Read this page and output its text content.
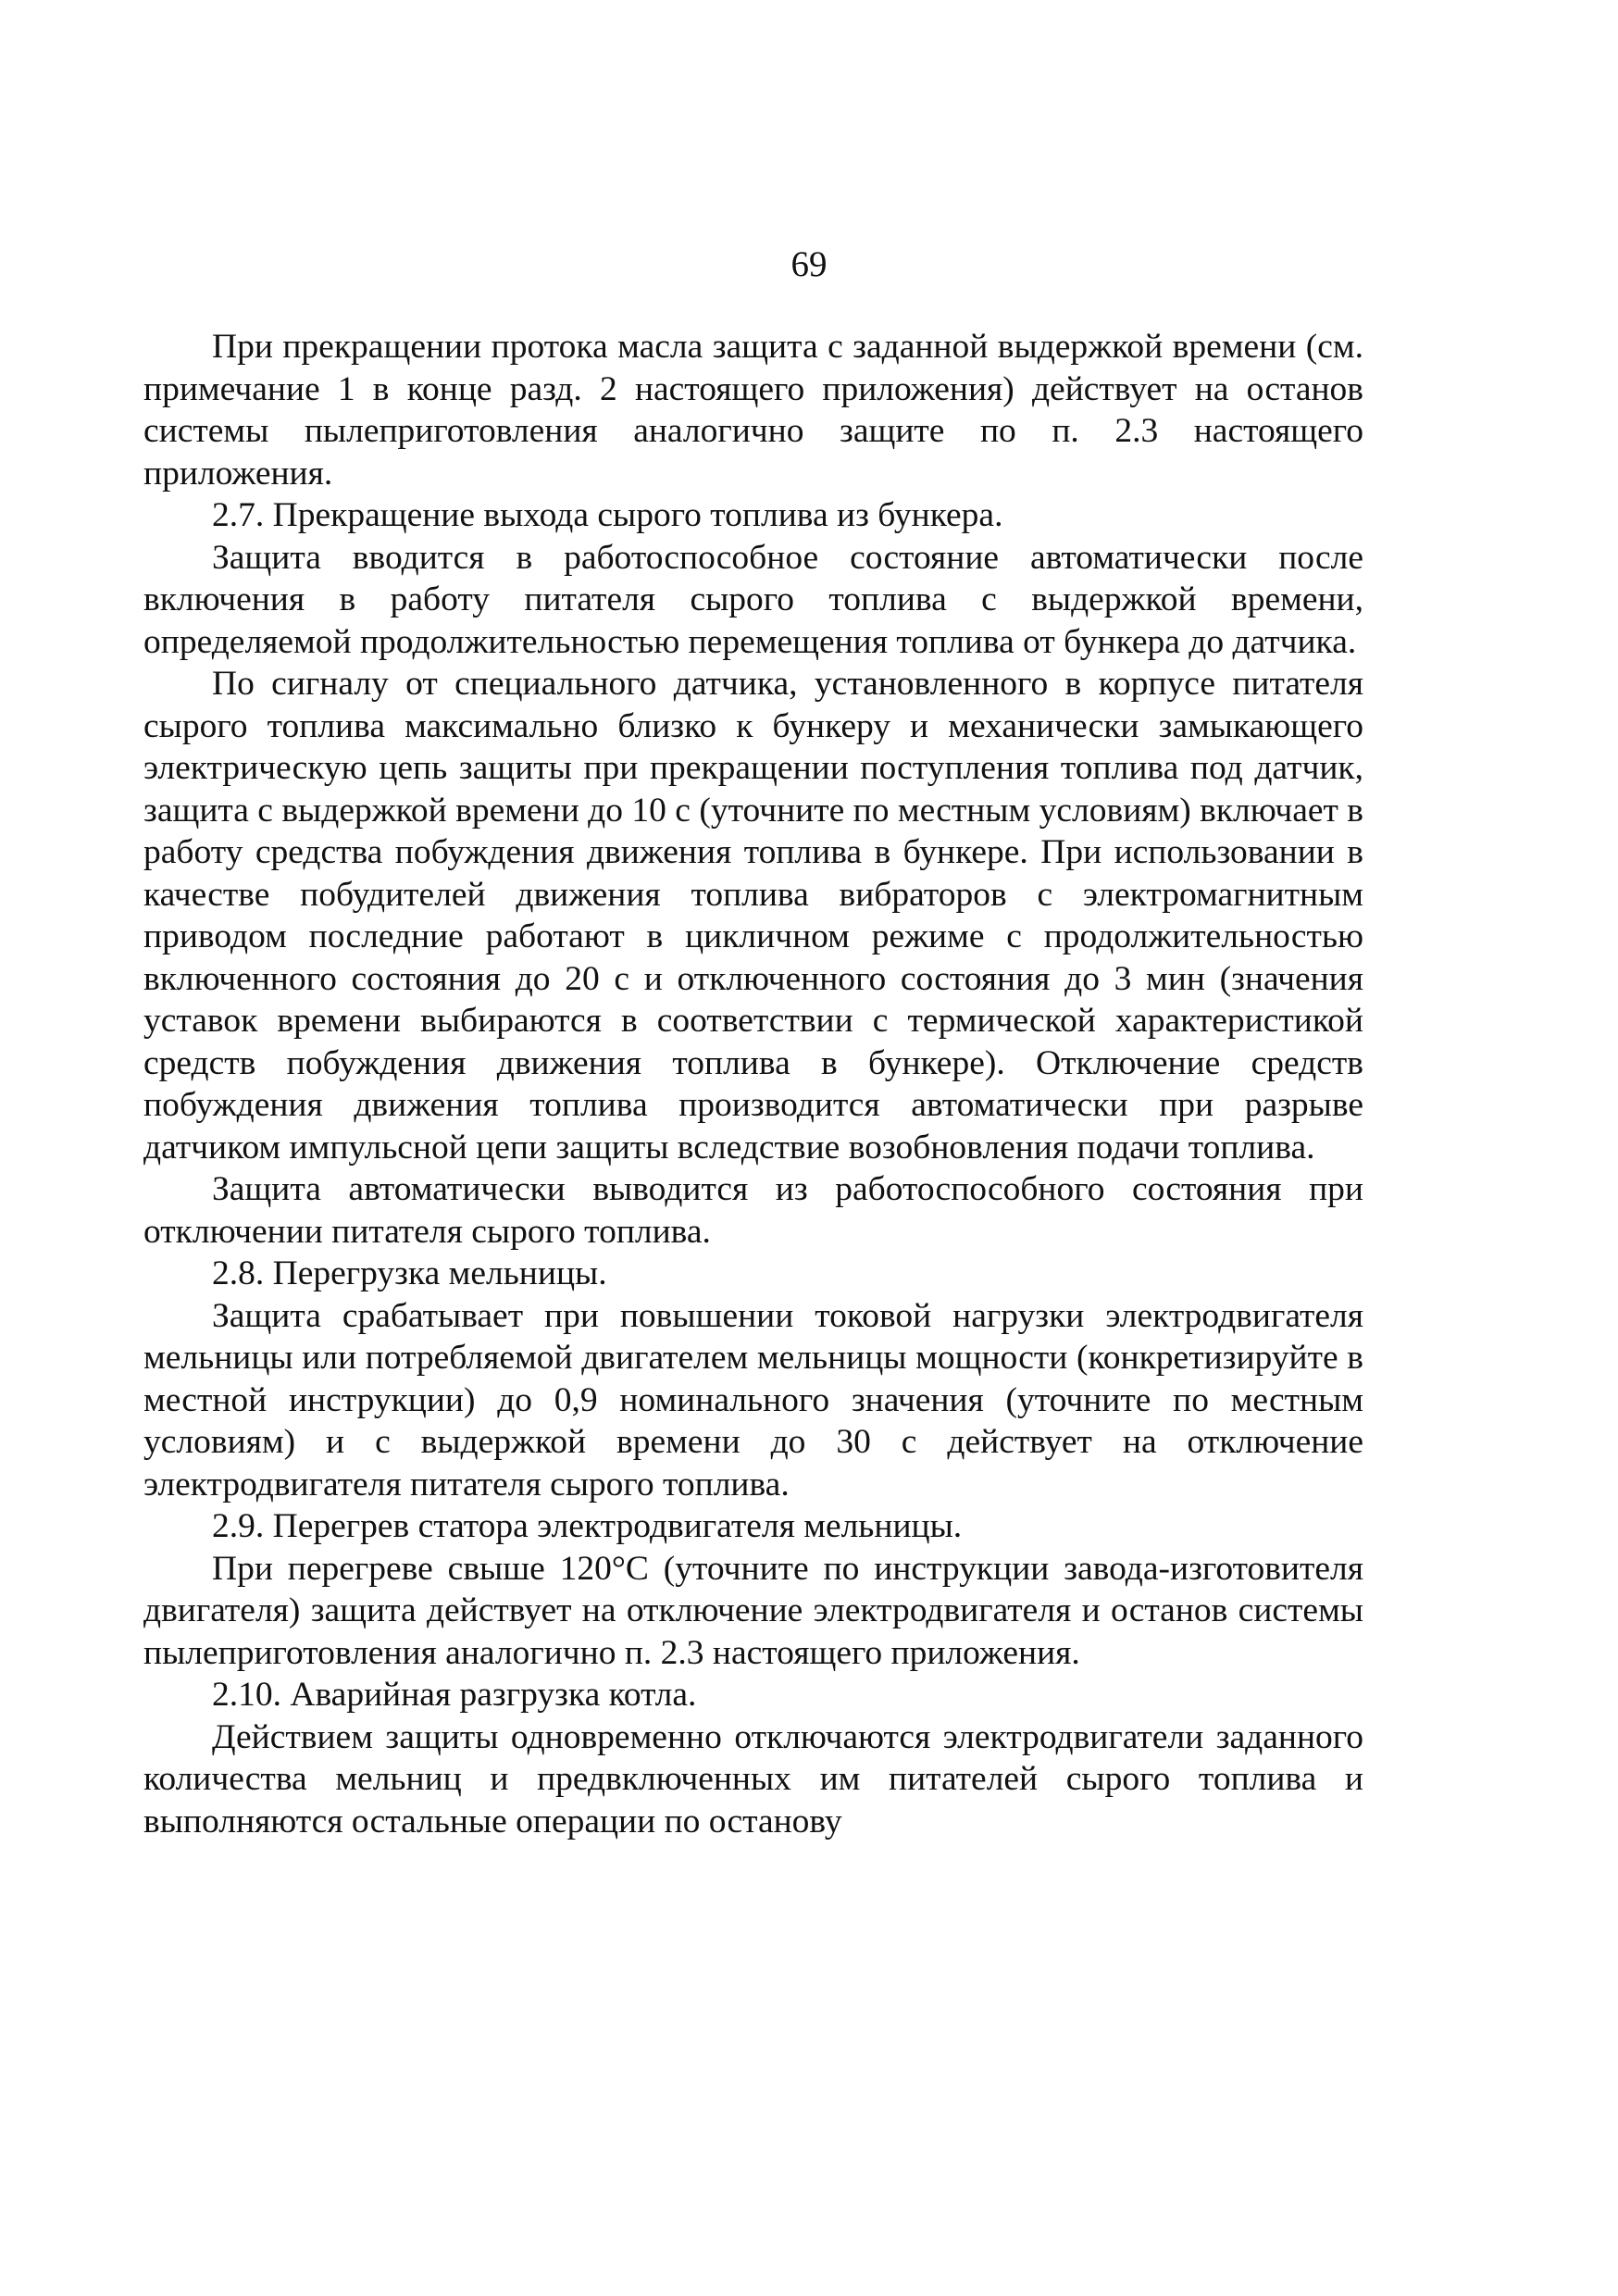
69

При прекращении протока масла защита с заданной выдержкой времени (см. примечание 1 в конце разд. 2 настоящего приложения) действует на останов системы пылеприготовления аналогично защите по п. 2.3 настоящего приложения.

2.7. Прекращение выхода сырого топлива из бункера.

Защита вводится в работоспособное состояние автоматически после включения в работу питателя сырого топлива с выдержкой времени, определяемой продолжительностью перемещения топлива от бункера до датчика.

По сигналу от специального датчика, установленного в корпусе питателя сырого топлива максимально близко к бункеру и механически замыкающего электрическую цепь защиты при прекращении поступления топлива под датчик, защита с выдержкой времени до 10 с (уточните по местным условиям) включает в работу средства побуждения движения топлива в бункере. При использовании в качестве побудителей движения топлива вибраторов с электромагнитным приводом последние работают в цикличном режиме с продолжительностью включенного состояния до 20 с и отключенного состояния до 3 мин (значения уставок времени выбираются в соответствии с термической характеристикой средств побуждения движения топлива в бункере). Отключение средств побуждения движения топлива производится автоматически при разрыве датчиком импульсной цепи защиты вследствие возобновления подачи топлива.

Защита автоматически выводится из работоспособного состояния при отключении питателя сырого топлива.

2.8. Перегрузка мельницы.

Защита срабатывает при повышении токовой нагрузки электродвигателя мельницы или потребляемой двигателем мельницы мощности (конкретизируйте в местной инструкции) до 0,9 номинального значения (уточните по местным условиям) и с выдержкой времени до 30 с действует на отключение электродвигателя питателя сырого топлива.

2.9. Перегрев статора электродвигателя мельницы.

При перегреве свыше 120°С (уточните по инструкции завода-изготовителя двигателя) защита действует на отключение электродвигателя и останов системы пылеприготовления аналогично п. 2.3 настоящего приложения.

2.10. Аварийная разгрузка котла.

Действием защиты одновременно отключаются электродвигатели заданного количества мельниц и предвключенных им питателей сырого топлива и выполняются остальные операции по останову
